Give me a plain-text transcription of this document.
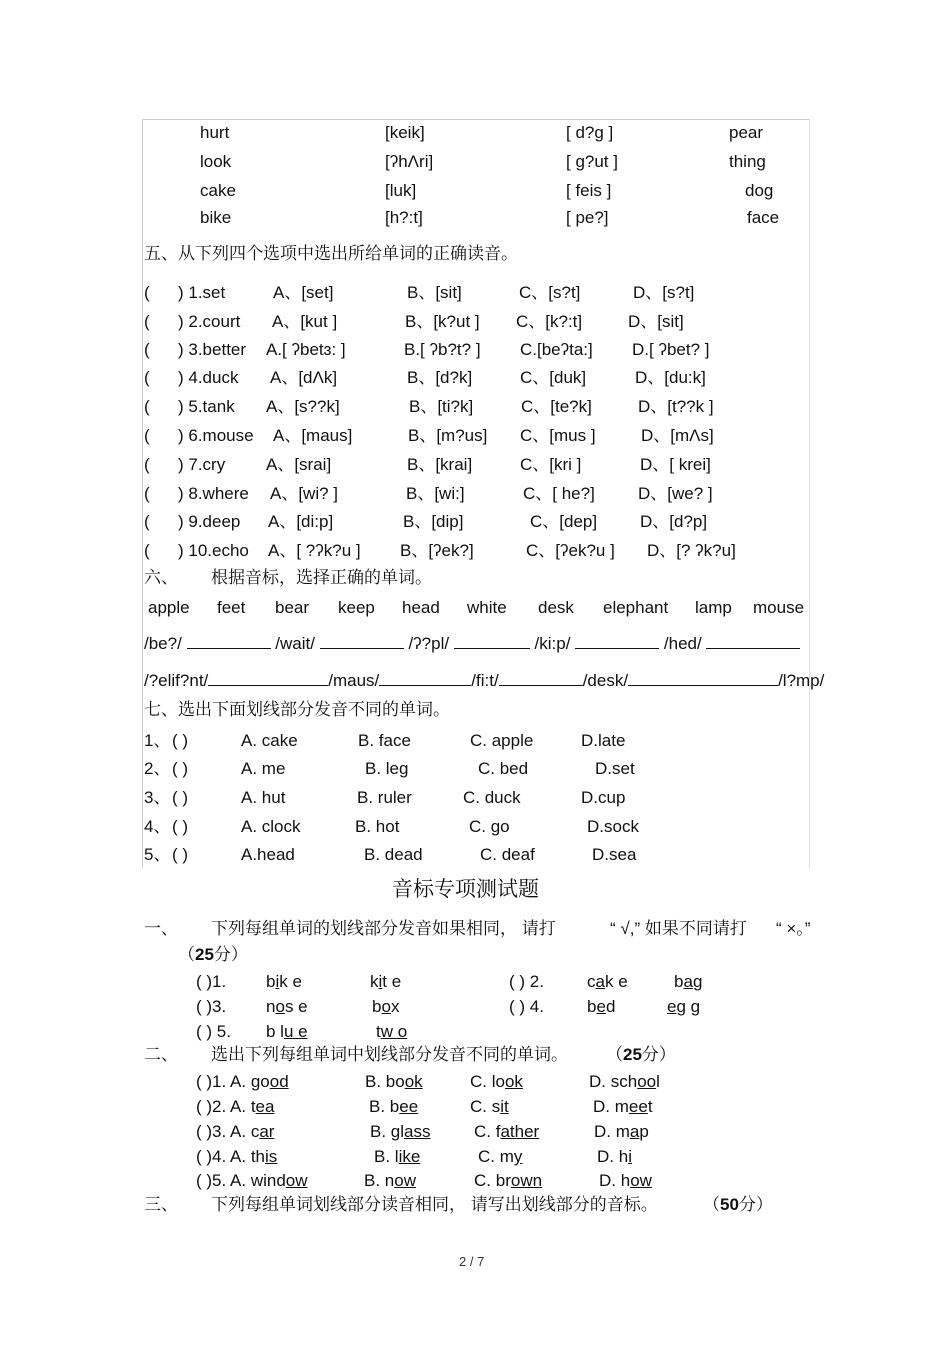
hurt	[keik]	[ d?g ]	pear
look	[ʔhΛri]	[ g?ut ]	thing
cake	[luk]	[ feis ]	dog
bike	[h?:t]	[ pe?]	face
五、从下列四个选项中选出所给单词的正确读音。
( ) 1.set	A、[set]	B、[sit]	C、[s?t]	D、[s?t]
( ) 2.court A、[kut ]	B、[k?ut ] C、[k?:t]	D、[sit]
( ) 3.better A.[ ʔbetɜ: ]	B.[ ʔb?t? ] C.[beʔta:] D.[ ʔbet? ]
( ) 4.duck A、[dΛk]	B、[d?k]	C、[duk]	D、[du:k]
( ) 5.tank A、[s??k]	B、[ti?k]	C、[te?k]	D、[t??k ]
( ) 6.mouse A、[maus]	B、[m?us] C、[mus ]	D、[mΛs]
( ) 7.cry A、[srai]	B、[krai]	C、[kri ]	D、[ krei]
( ) 8.where A、[wi? ]	B、[wi:]	C、[ he?]	D、[we? ]
( ) 9.deep A、[di:p]	B、[dip]	C、[dep]	D、[d?p]
( ) 10.echo A、[ ?ʔk?u ] B、[ʔek?]	C、[ʔek?u ] D、[? ʔk?u]
六、 根据音标，选择正确的单词。
apple feet bear keep head white desk elephant lamp mouse
/be?/	/wait/	/ʔ?pl/	/ki:p/	/hed/
/?elif?nt/	/maus/	/fi:t/	/desk/	/l?mp/
七、选出下面划线部分发音不同的单词。
1、 ( )	A. cake	B. face	C. apple	D.late
2、 ( )	A. me	B. leg	C. bed	D.set
3、 ( )	A. hut	B. ruler	C. duck	D.cup
4、 ( )	A. clock	B. hot	C. go	D.sock
5、 ( )	A.head	B. dead	C. deaf	D.sea
音标专项测试题
一、 下列每组单词的划线部分发音如果相同， 请打	“ √,” 如果不同请打 “ ×。”
（25分）
( )1. bik e	kit e	( ) 2.	cak e	bag
( )3. nos e	box	( ) 4.	bed	eg g
( ) 5. b lu e	tw o
二、 选出下列每组单词中划线部分发音不同的单词。 （25分）
( )1. A. good	B. book	C. look	D. school
( )2. A. tea	B. bee	C. sit	D. meet
( )3. A. car	B. glass	C. father	D. map
( )4. A. this	B. like	C. my	D. hi
( )5. A. window	B. now	C. brown	D. how
三、 下列每组单词划线部分读音相同， 请写出划线部分的音标。	（50分）
2 / 7
